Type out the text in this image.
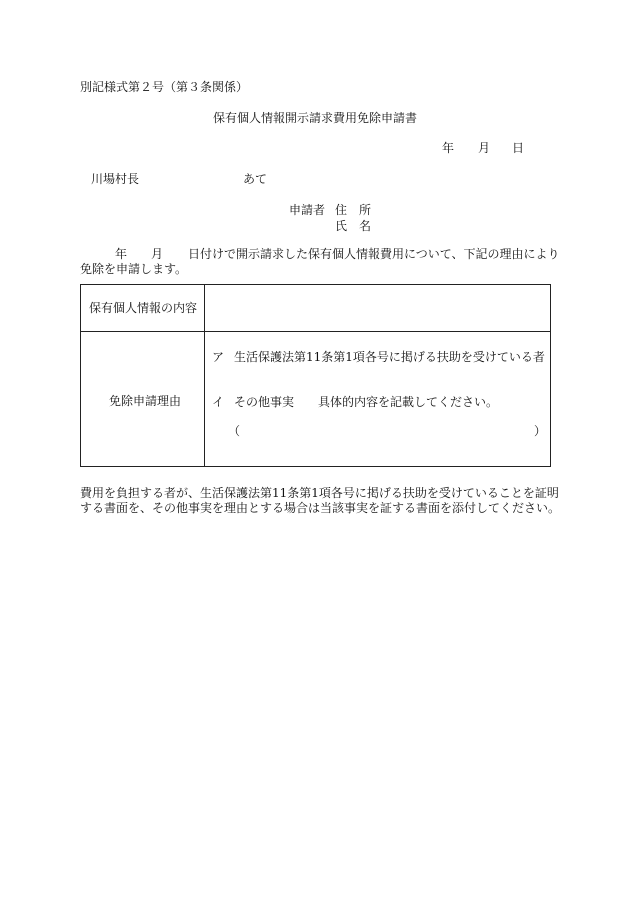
別記様式第２号（第３条関係）
保有個人情報開示請求費用免除申請書
年 月 日
川場村長	あて
申請者 住　所
氏　名
年 月 日付けで開示請求した保有個人情報費用について、下記の理由により
免除を申請します。
保有個人情報の内容
免除申請理由
ア 生活保護法第11条第1項各号に掲げる扶助を受けている者
イ その他事実 具体的内容を記載してください。
（	）
費用を負担する者が、生活保護法第11条第1項各号に掲げる扶助を受けていることを証明
する書面を、その他事実を理由とする場合は当該事実を証する書面を添付してください。
